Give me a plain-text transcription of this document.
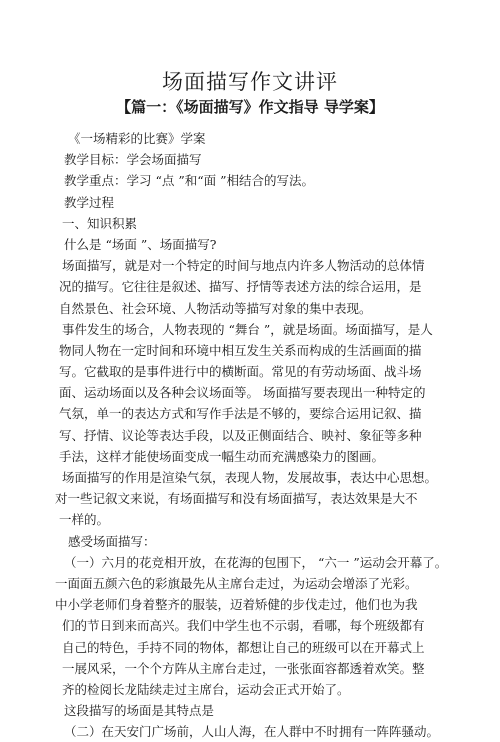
场面描写作文讲评
【篇一：《场面描写》作文指导 导学案】
《一场精彩的比赛》学案
教学目标：学会场面描写
教学重点：学习 “点 ”和“面 ”相结合的写法。
教学过程
一、知识积累
什么是 “场面 ”、场面描写?
场面描写，就是对一个特定的时间与地点内许多人物活动的总体情
况的描写。它往往是叙述、描写、抒情等表述方法的综合运用，是
自然景色、社会环境、人物活动等描写对象的集中表现。
事件发生的场合，人物表现的 “舞台 ”，就是场面。场面描写，是人
物同人物在一定时间和环境中相互发生关系而构成的生活画面的描
写。它截取的是事件进行中的横断面。常见的有劳动场面、战斗场
面、运动场面以及各种会议场面等。 场面描写要表现出一种特定的
气氛，单一的表达方式和写作手法是不够的，要综合运用记叙、描
写、抒情、议论等表达手段，以及正侧面结合、映衬、象征等多种
手法，这样才能使场面变成一幅生动而充满感染力的图画。
场面描写的作用是渲染气氛，表现人物，发展故事，表达中心思想。
对一些记叙文来说，有场面描写和没有场面描写，表达效果是大不
一样的。
感受场面描写：
（一）六月的花竞相开放，在花海的包围下， “六一 ”运动会开幕了。
一面面五颜六色的彩旗最先从主席台走过，为运动会增添了光彩。
中小学老师们身着整齐的服装，迈着矫健的步伐走过，他们也为我
们的节日到来而高兴。我们中学生也不示弱，看哪，每个班级都有
自己的特色，手持不同的物体，都想让自己的班级可以在开幕式上
一展风采，一个个方阵从主席台走过，一张张面容都透着欢笑。整
齐的检阅长龙陆续走过主席台，运动会正式开始了。
这段描写的场面是其特点是
（二）在天安门广场前，人山人海，在人群中不时拥有一阵阵骚动。
